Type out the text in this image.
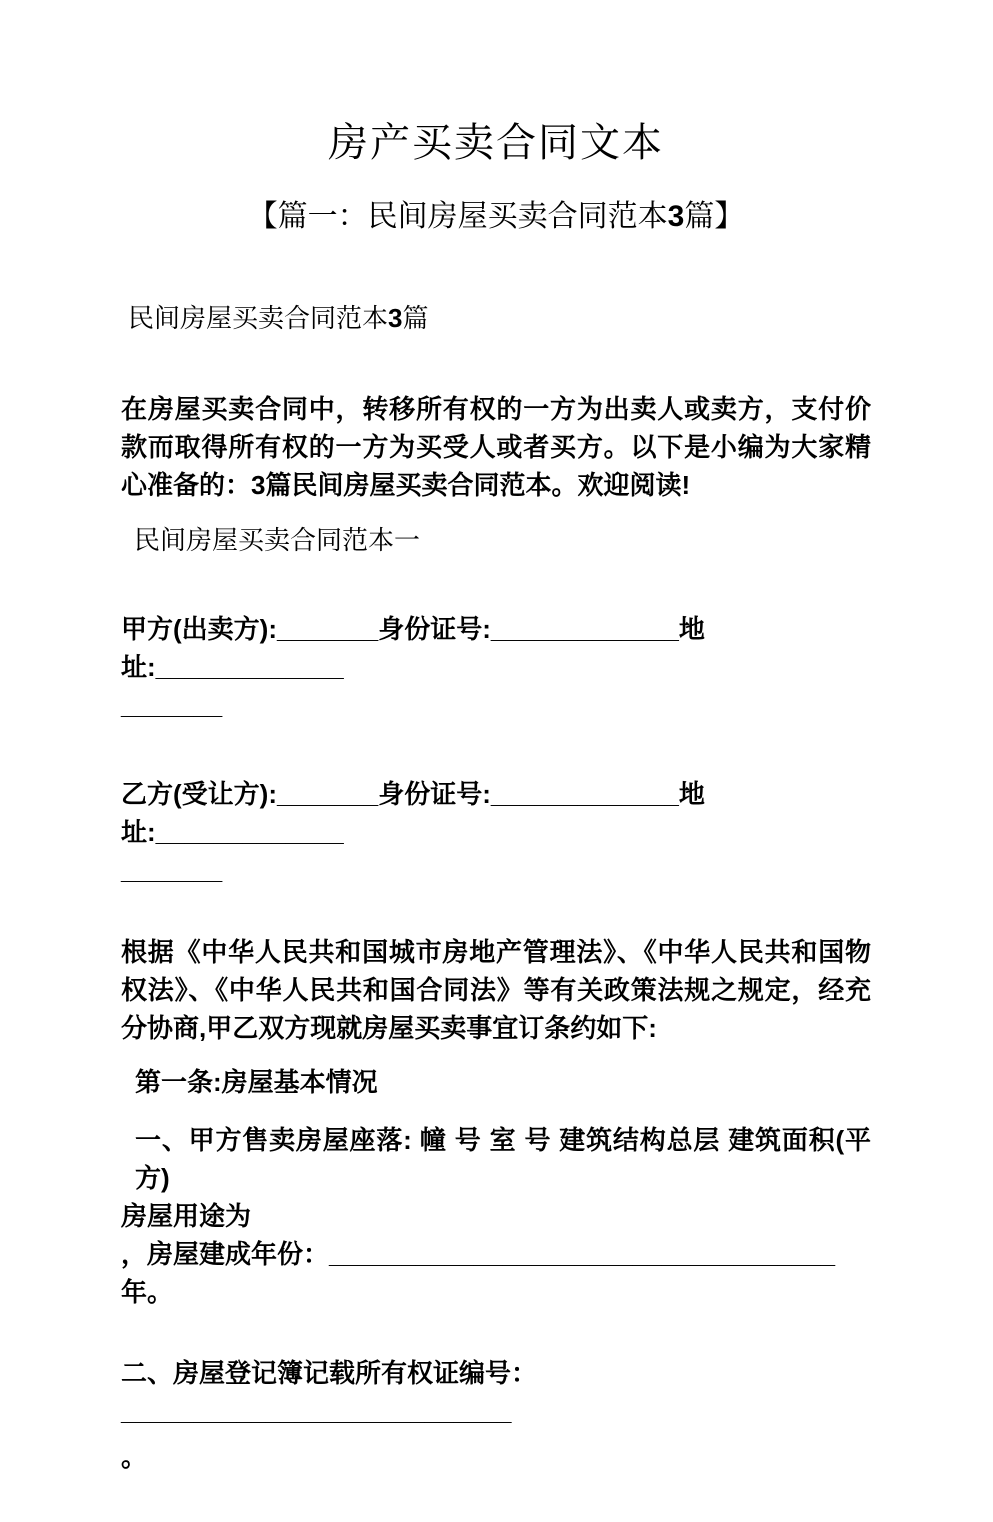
房产买卖合同文本
【篇一：民间房屋买卖合同范本3篇】

民间房屋买卖合同范本3篇

在房屋买卖合同中，转移所有权的一方为出卖人或卖方，支付价款而取得所有权的一方为买受人或者买方。以下是小编为大家精心准备的：3篇民间房屋买卖合同范本。欢迎阅读!

民间房屋买卖合同范本一

甲方(出卖方):_______身份证号:_____________地址:_____________

_______

乙方(受让方):_______身份证号:_____________地址:_____________

_______

根据《中华人民共和国城市房地产管理法》、《中华人民共和国物权法》、《中华人民共和国合同法》等有关政策法规之规定，经充分协商,甲乙双方现就房屋买卖事宜订条约如下:

第一条:房屋基本情况

一、甲方售卖房屋座落: 幢 号 室 号 建筑结构总层 建筑面积(平方)

房屋用途为

，房屋建成年份：___________________________________年。

二、房屋登记簿记载所有权证编号：___________________________

。
